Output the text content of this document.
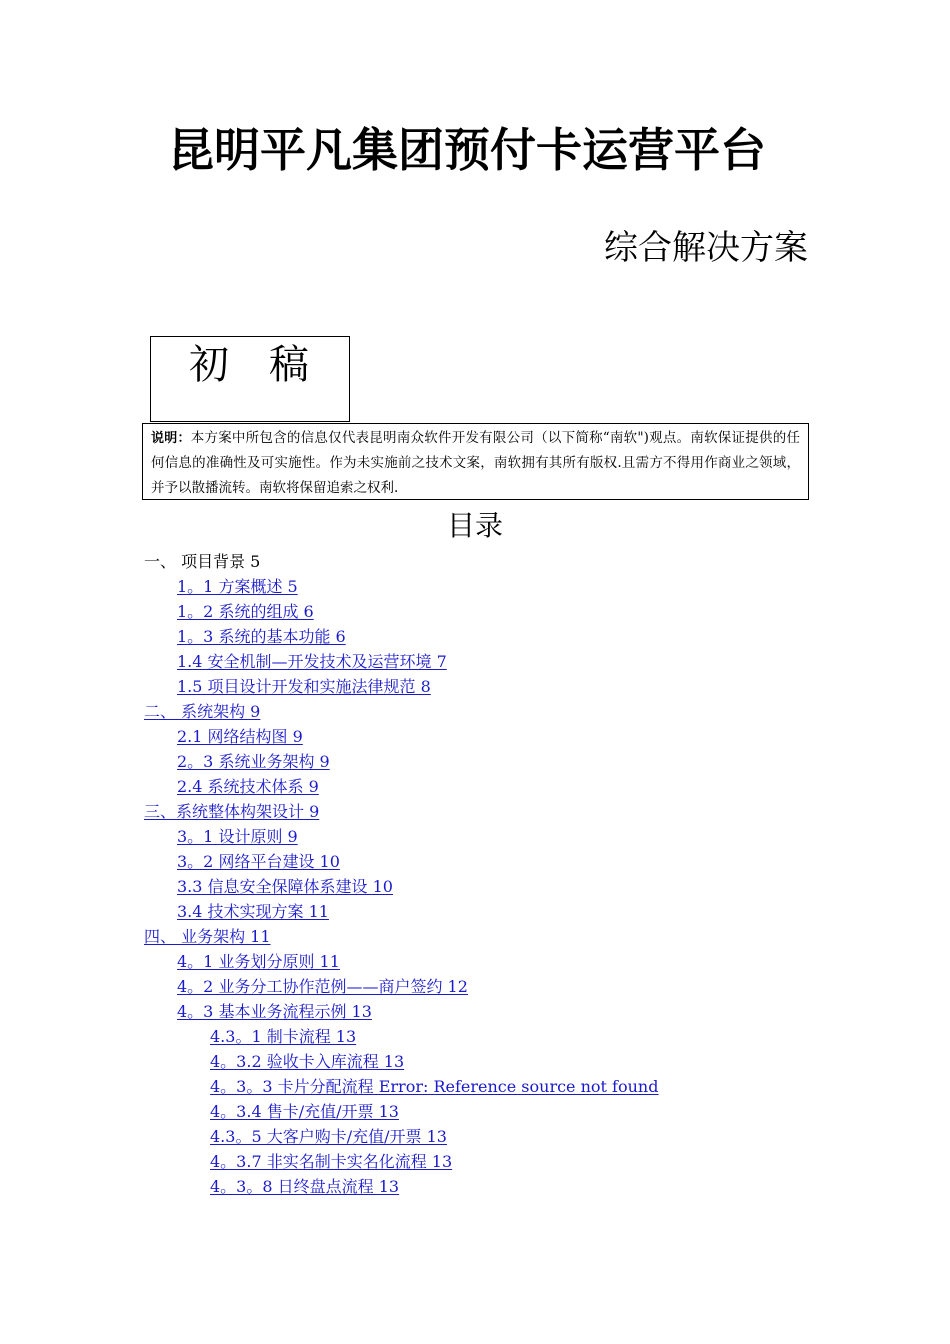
昆明平凡集团预付卡运营平台
综合解决方案
初稿
说明：本方案中所包含的信息仅代表昆明南众软件开发有限公司（以下简称“南软")观点。南软保证提供的任何信息的准确性及可实施性。作为未实施前之技术文案，南软拥有其所有版权.且需方不得用作商业之领域，并予以散播流转。南软将保留追索之权利.
目录
一、 项目背景 5
1。1 方案概述 5
1。2 系统的组成 6
1。3 系统的基本功能 6
1.4 安全机制—开发技术及运营环境 7
1.5 项目设计开发和实施法律规范 8
二、 系统架构 9
2.1 网络结构图 9
2。3 系统业务架构 9
2.4 系统技术体系 9
三、系统整体构架设计 9
3。1 设计原则 9
3。2 网络平台建设 10
3.3 信息安全保障体系建设 10
3.4 技术实现方案 11
四、 业务架构 11
4。1 业务划分原则 11
4。2 业务分工协作范例——商户签约 12
4。3 基本业务流程示例 13
4.3。1 制卡流程 13
4。3.2 验收卡入库流程 13
4。3。3 卡片分配流程 Error: Reference source not found
4。3.4 售卡/充值/开票 13
4.3。5 大客户购卡/充值/开票 13
4。3.7 非实名制卡实名化流程 13
4。3。8 日终盘点流程 13
